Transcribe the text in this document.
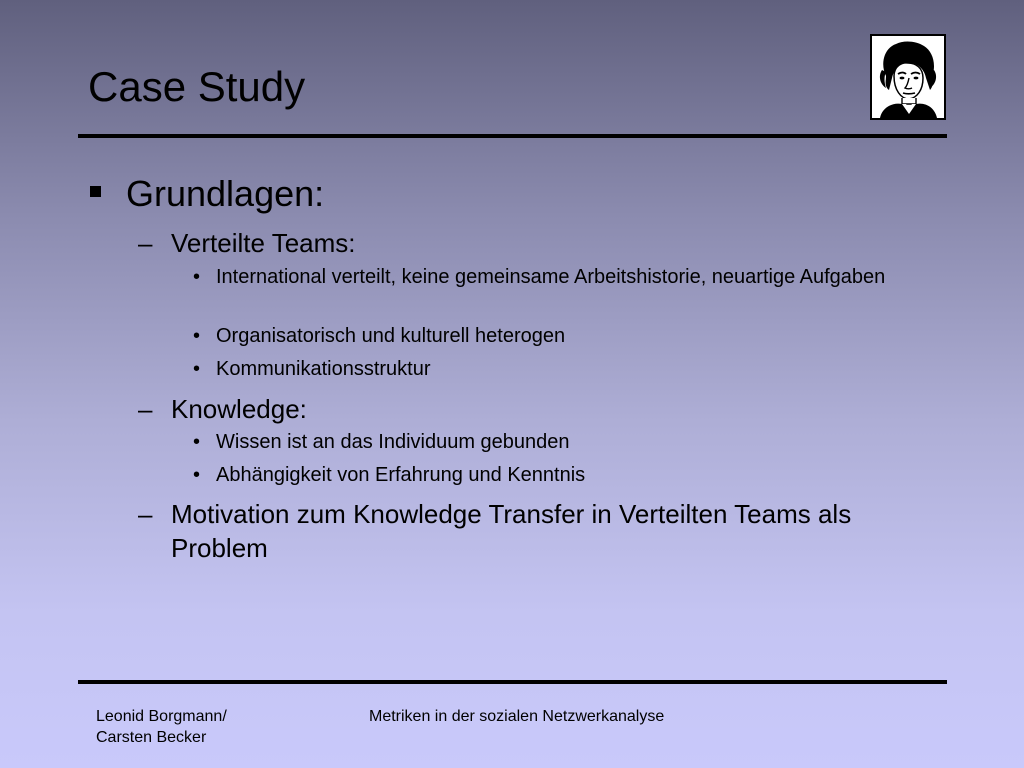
Case Study
Grundlagen:
– Verteilte Teams:
• International verteilt, keine gemeinsame Arbeitshistorie, neuartige Aufgaben
• Organisatorisch und kulturell heterogen
• Kommunikationsstruktur
– Knowledge:
• Wissen ist an das Individuum gebunden
• Abhängigkeit von Erfahrung und Kenntnis
– Motivation zum Knowledge Transfer in Verteilten Teams als Problem
Leonid Borgmann/
Carsten Becker
Metriken in der sozialen Netzwerkanalyse
